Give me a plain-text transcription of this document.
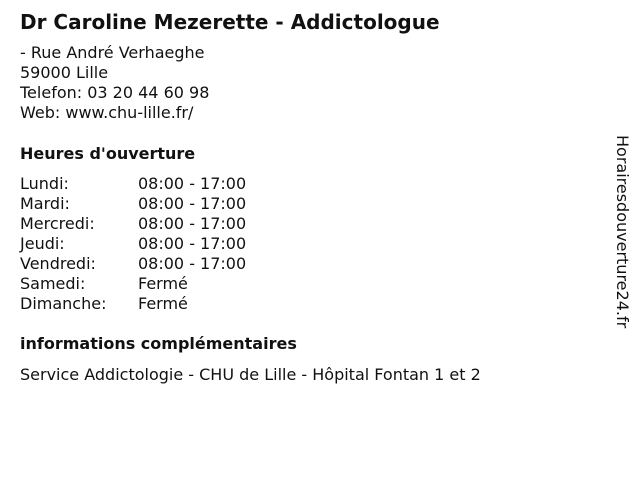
Dr Caroline Mezerette - Addictologue
- Rue André Verhaeghe
59000 Lille
Telefon: 03 20 44 60 98
Web: www.chu-lille.fr/
Heures d'ouverture
Lundi:	08:00 - 17:00
Mardi:	08:00 - 17:00
Mercredi:	08:00 - 17:00
Jeudi:	08:00 - 17:00
Vendredi:	08:00 - 17:00
Samedi:	Fermé
Dimanche:	Fermé
informations complémentaires
Service Addictologie - CHU de Lille - Hôpital Fontan 1 et 2
Horairesdouverture24.fr
